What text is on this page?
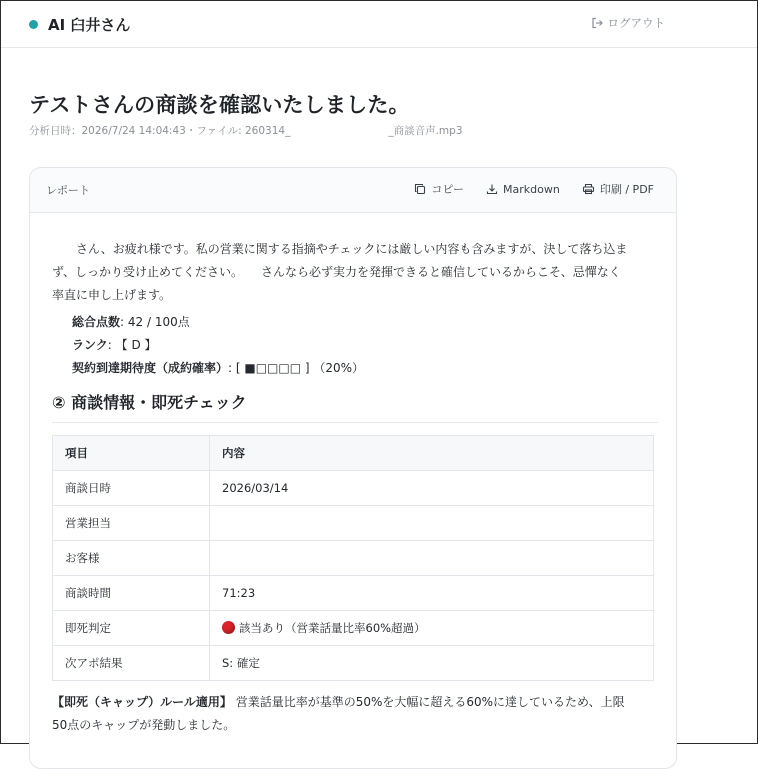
AI 臼井さん	ログアウト
テストさんの商談を確認いたしました。
分析日時：2026/7/24 14:04:43・ファイル: 260314_	_商談音声.mp3
レポート	コピー	Markdown	印刷 / PDF

さん、お疲れ様です。私の営業に関する指摘やチェックには厳しい内容も含みますが、決して落ち込ま
ず、しっかり受け止めてください。　　さんなら必ず実力を発揮できると確信しているからこそ、忌憚なく
率直に申し上げます。

総合点数: 42 / 100点
ランク: 【 D 】
契約到達期待度（成約確率）: [ ■□□□□ ] （20%）
② 商談情報・即死チェック
項目	内容
商談日時	2026/03/14
営業担当	
お客様	
商談時間	71:23
即死判定	該当あり（営業話量比率60%超過）
次アポ結果	S: 確定
【即死（キャップ）ルール適用】 営業話量比率が基準の50%を大幅に超える60%に達しているため、上限
50点のキャップが発動しました。
